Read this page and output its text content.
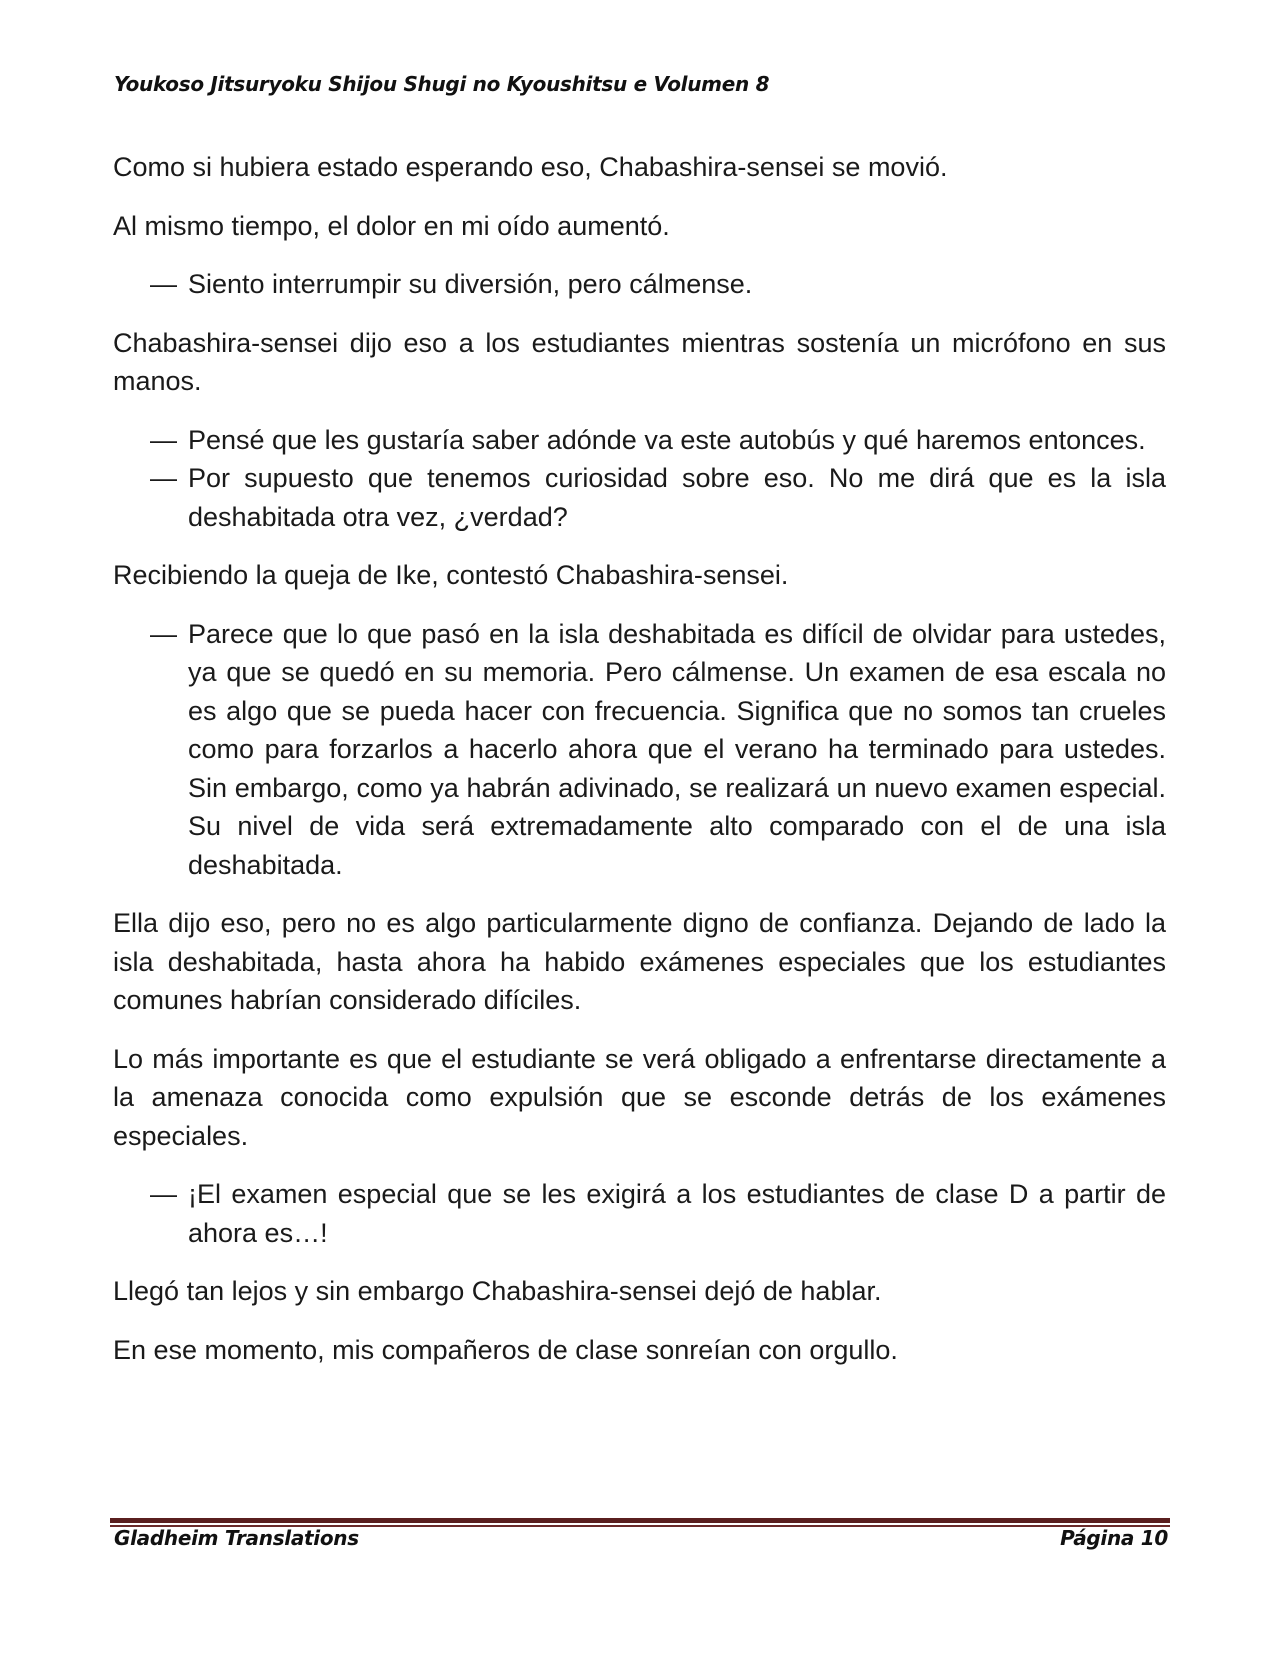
Youkoso Jitsuryoku Shijou Shugi no Kyoushitsu e Volumen 8

Como si hubiera estado esperando eso, Chabashira-sensei se movió.

Al mismo tiempo, el dolor en mi oído aumentó.

— Siento interrumpir su diversión, pero cálmense.

Chabashira-sensei dijo eso a los estudiantes mientras sostenía un micrófono en sus manos.

— Pensé que les gustaría saber adónde va este autobús y qué haremos entonces.
— Por supuesto que tenemos curiosidad sobre eso. No me dirá que es la isla deshabitada otra vez, ¿verdad?

Recibiendo la queja de Ike, contestó Chabashira-sensei.

— Parece que lo que pasó en la isla deshabitada es difícil de olvidar para ustedes, ya que se quedó en su memoria. Pero cálmense. Un examen de esa escala no es algo que se pueda hacer con frecuencia. Significa que no somos tan crueles como para forzarlos a hacerlo ahora que el verano ha terminado para ustedes. Sin embargo, como ya habrán adivinado, se realizará un nuevo examen especial. Su nivel de vida será extremadamente alto comparado con el de una isla deshabitada.

Ella dijo eso, pero no es algo particularmente digno de confianza. Dejando de lado la isla deshabitada, hasta ahora ha habido exámenes especiales que los estudiantes comunes habrían considerado difíciles.

Lo más importante es que el estudiante se verá obligado a enfrentarse directamente a la amenaza conocida como expulsión que se esconde detrás de los exámenes especiales.

— ¡El examen especial que se les exigirá a los estudiantes de clase D a partir de ahora es…!

Llegó tan lejos y sin embargo Chabashira-sensei dejó de hablar.

En ese momento, mis compañeros de clase sonreían con orgullo.

Gladheim Translations	Página 10
